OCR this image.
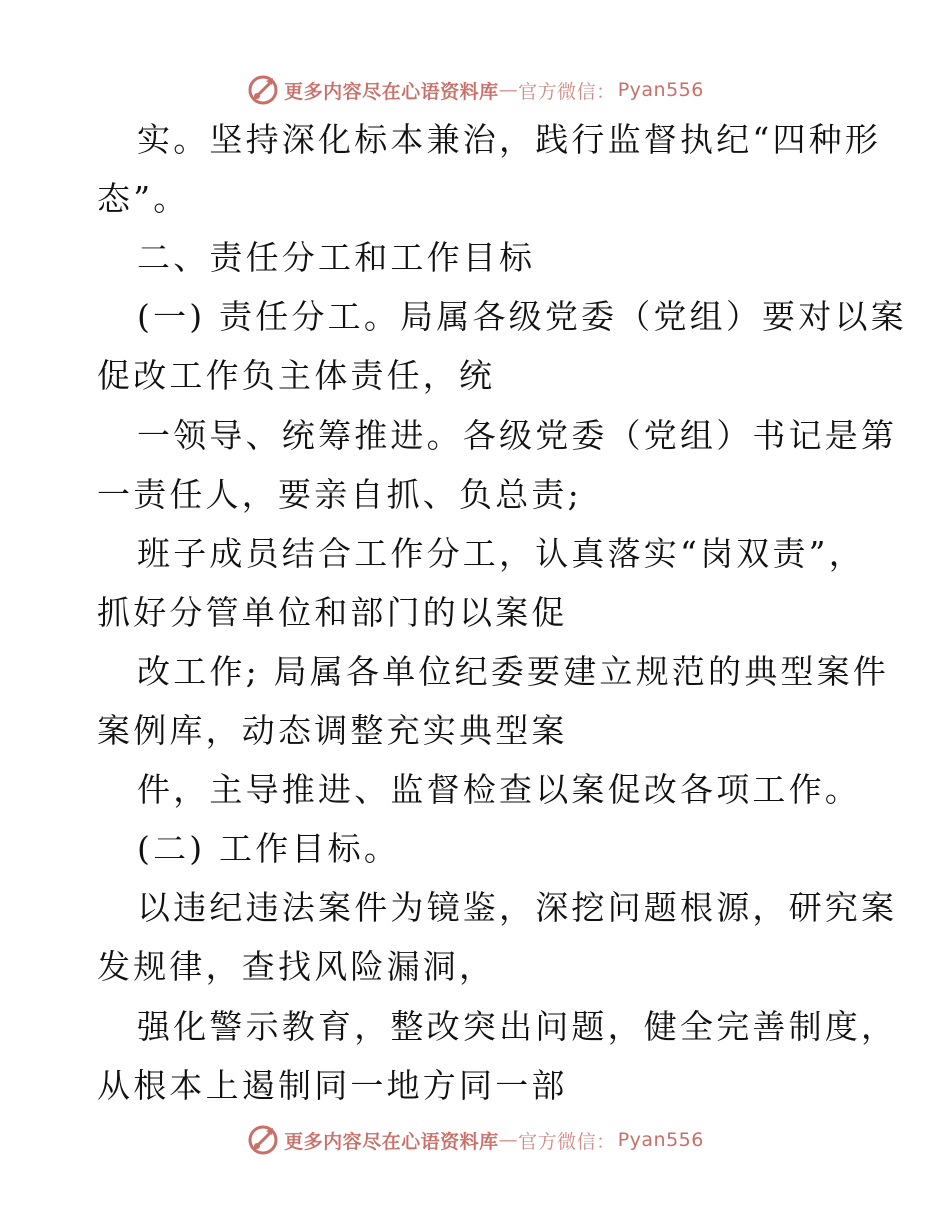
更多内容尽在心语资料库 — 官方微信： Pyan556
实。坚持深化标本兼治，践行监督执纪“四种形
态”。
二、责任分工和工作目标
(一) 责任分工。局属各级党委（党组）要对以案
促改工作负主体责任，统
一领导、统筹推进。各级党委（党组）书记是第
一责任人，要亲自抓、负总责;
班子成员结合工作分工，认真落实“岗双责”，
抓好分管单位和部门的以案促
改工作; 局属各单位纪委要建立规范的典型案件
案例库，动态调整充实典型案
件，主导推进、监督检查以案促改各项工作。
(二) 工作目标。
以违纪违法案件为镜鉴，深挖问题根源，研究案
发规律，查找风险漏洞，
强化警示教育，整改突出问题，健全完善制度，
从根本上遏制同一地方同一部
更多内容尽在心语资料库 — 官方微信： Pyan556
